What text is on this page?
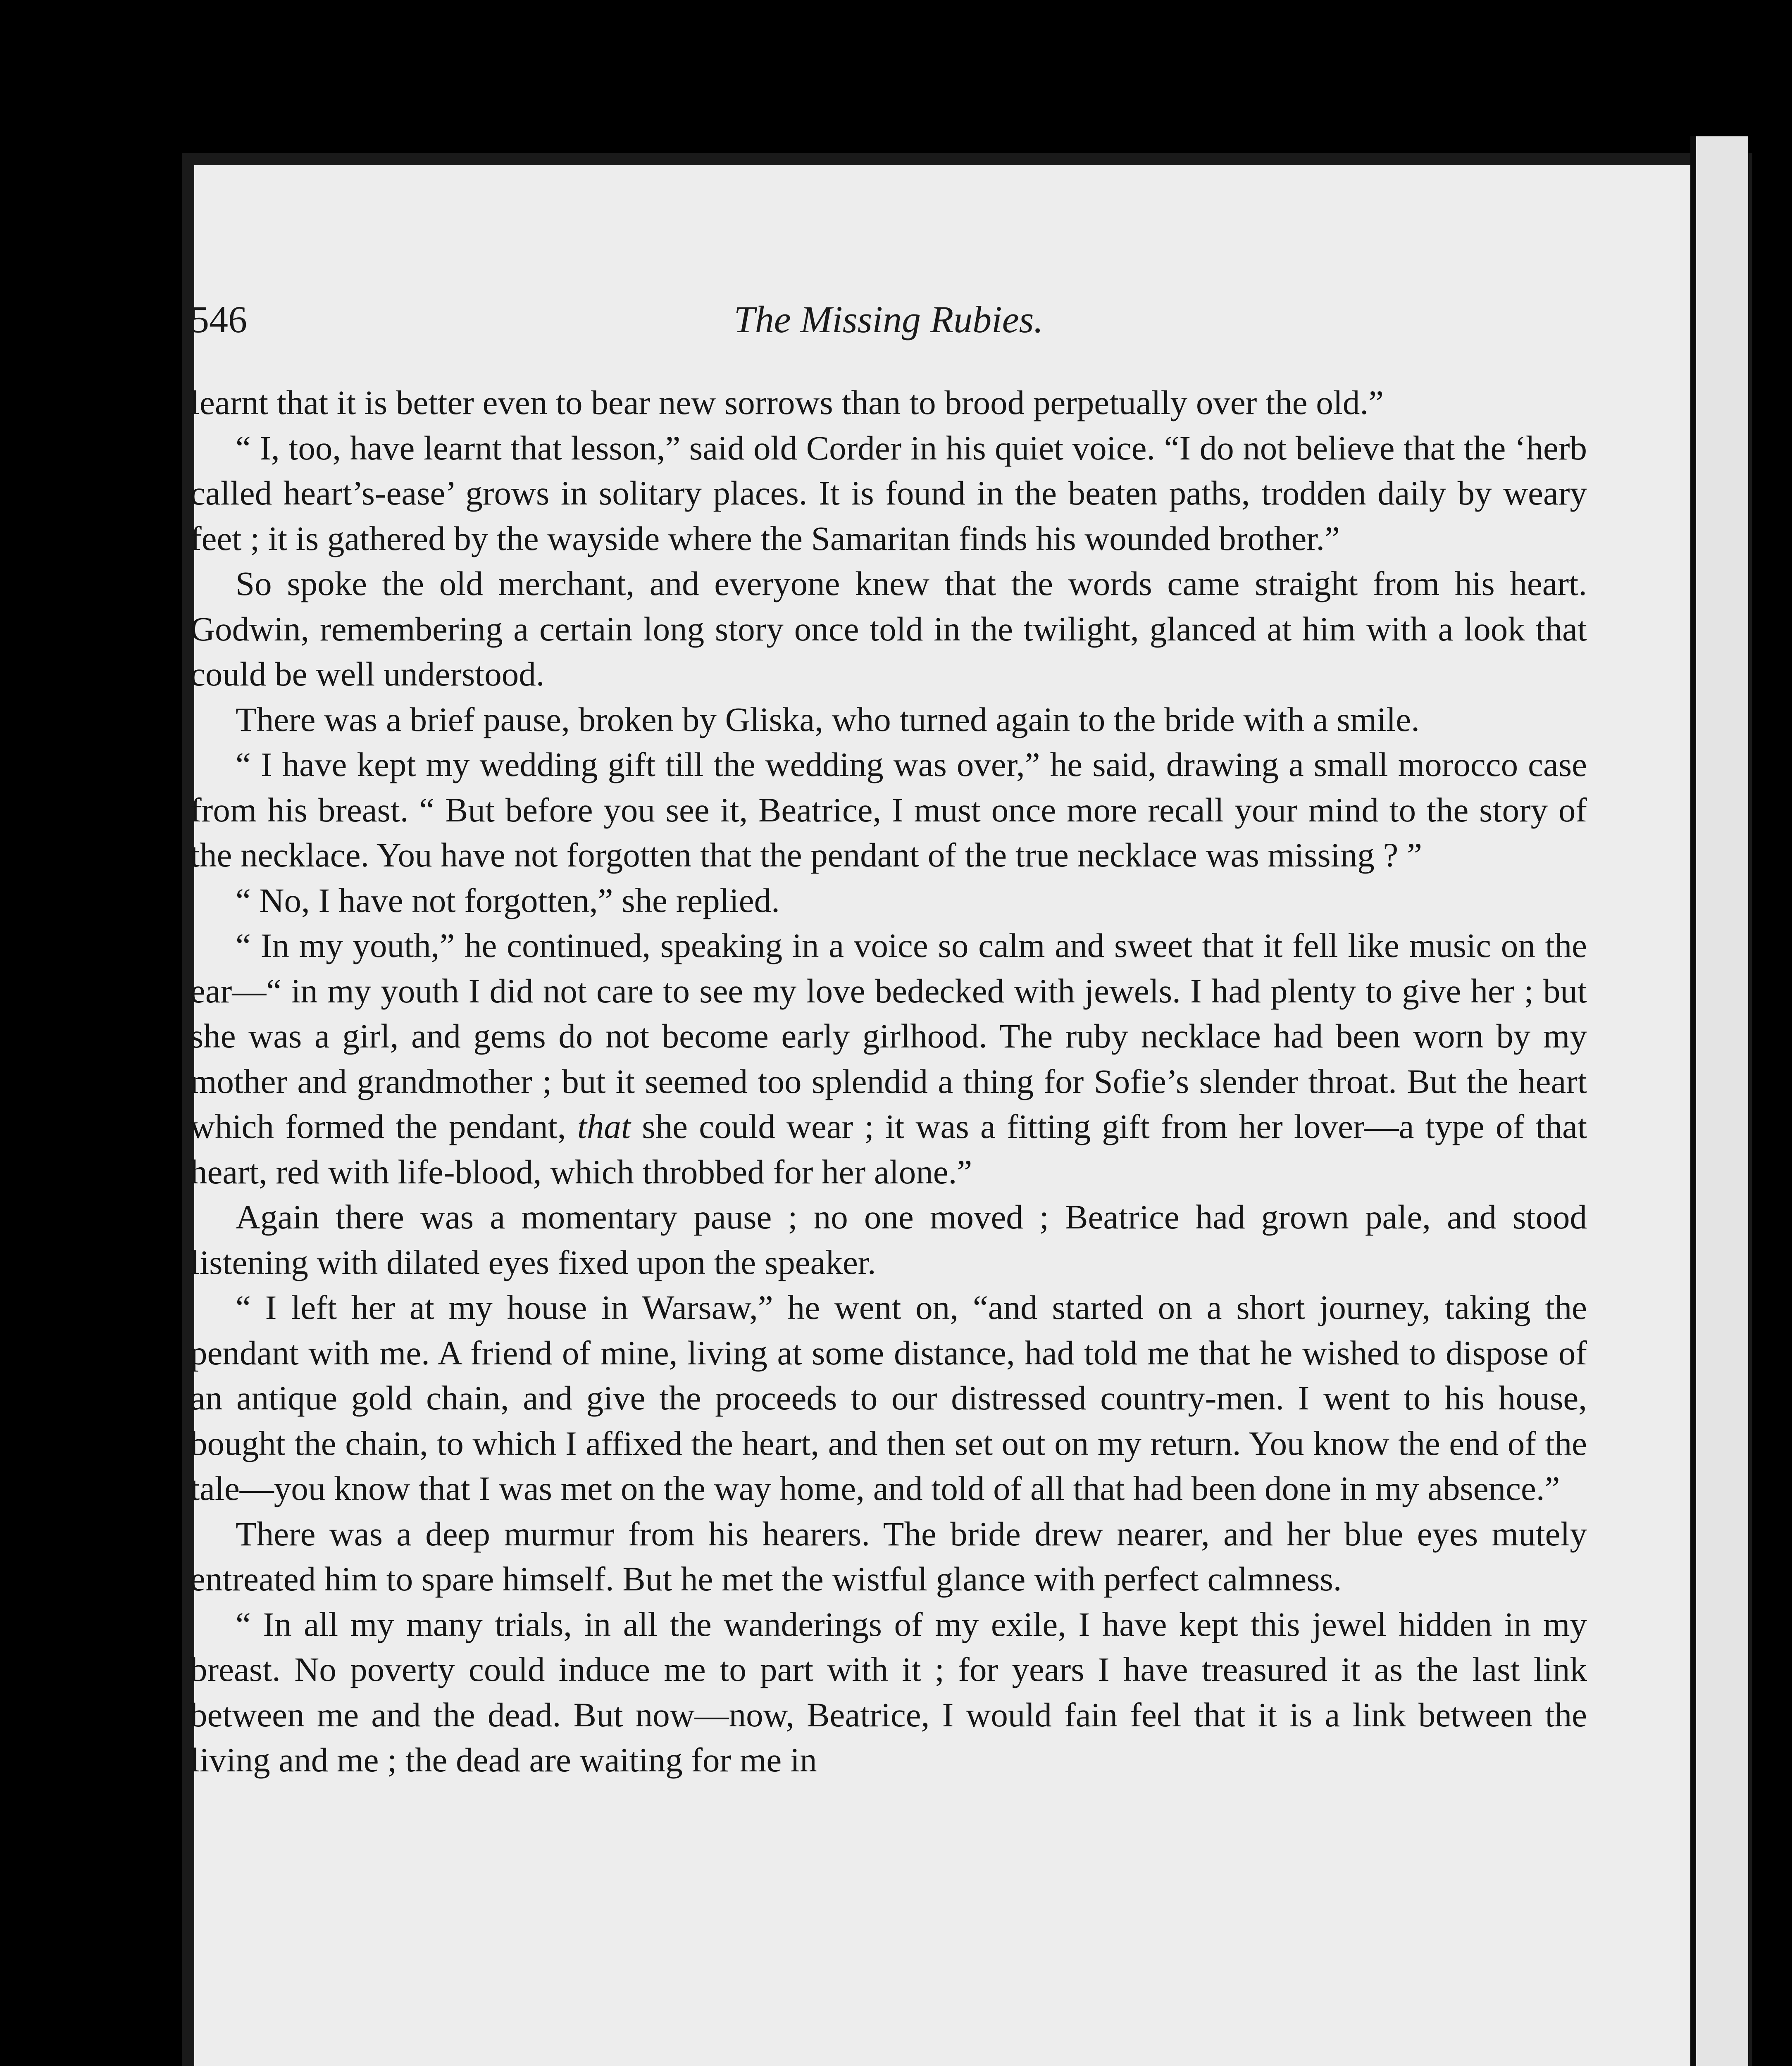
546	The Missing Rubies.

learnt that it is better even to bear new sorrows than to brood perpetually over the old.”

“ I, too, have learnt that lesson,” said old Corder in his quiet voice. “I do not believe that the ‘herb called heart’s-ease’ grows in solitary places. It is found in the beaten paths, trodden daily by weary feet ; it is gathered by the wayside where the Samaritan finds his wounded brother.”

So spoke the old merchant, and everyone knew that the words came straight from his heart. Godwin, remembering a certain long story once told in the twilight, glanced at him with a look that could be well understood.

There was a brief pause, broken by Gliska, who turned again to the bride with a smile.

“ I have kept my wedding gift till the wedding was over,” he said, drawing a small morocco case from his breast. “ But before you see it, Beatrice, I must once more recall your mind to the story of the necklace. You have not forgotten that the pendant of the true necklace was missing ? ”

“ No, I have not forgotten,” she replied.

“ In my youth,” he continued, speaking in a voice so calm and sweet that it fell like music on the ear—“ in my youth I did not care to see my love bedecked with jewels. I had plenty to give her ; but she was a girl, and gems do not become early girlhood. The ruby necklace had been worn by my mother and grandmother ; but it seemed too splendid a thing for Sofie’s slender throat. But the heart which formed the pendant, that she could wear ; it was a fitting gift from her lover—a type of that heart, red with life-blood, which throbbed for her alone.”

Again there was a momentary pause ; no one moved ; Beatrice had grown pale, and stood listening with dilated eyes fixed upon the speaker.

“ I left her at my house in Warsaw,” he went on, “and started on a short journey, taking the pendant with me. A friend of mine, living at some distance, had told me that he wished to dispose of an antique gold chain, and give the proceeds to our distressed country-men. I went to his house, bought the chain, to which I affixed the heart, and then set out on my return. You know the end of the tale—you know that I was met on the way home, and told of all that had been done in my absence.”

There was a deep murmur from his hearers. The bride drew nearer, and her blue eyes mutely entreated him to spare himself. But he met the wistful glance with perfect calmness.

“ In all my many trials, in all the wanderings of my exile, I have kept this jewel hidden in my breast. No poverty could induce me to part with it ; for years I have treasured it as the last link between me and the dead. But now—now, Beatrice, I would fain feel that it is a link between the living and me ; the dead are waiting for me in
